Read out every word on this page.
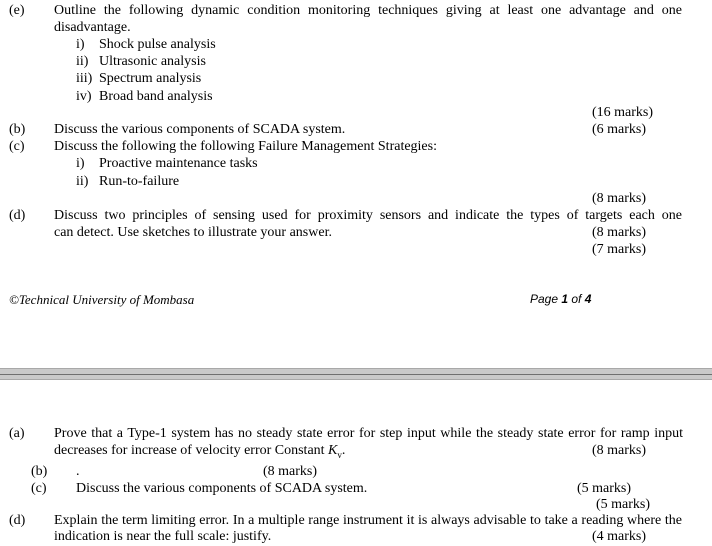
(e) Outline the following dynamic condition monitoring techniques giving at least one advantage and one
disadvantage.
i) Shock pulse analysis
ii) Ultrasonic analysis
iii) Spectrum analysis
iv) Broad band analysis
(16 marks)
(b) Discuss the various components of SCADA system.	(6 marks)
(c) Discuss the following the following Failure Management Strategies:
i) Proactive maintenance tasks
ii) Run-to-failure
(8 marks)
(d) Discuss two principles of sensing used for proximity sensors and indicate the types of targets each one
can detect. Use sketches to illustrate your answer.	(8 marks)
(7 marks)
©Technical University of Mombasa	Page 1 of 4
(a) Prove that a Type-1 system has no steady state error for step input while the steady state error for ramp input
decreases for increase of velocity error Constant $K_v$.	(8 marks)
(b) .	(8 marks)
(c) Discuss the various components of SCADA system.	(5 marks)
(5 marks)
(d) Explain the term limiting error. In a multiple range instrument it is always advisable to take a reading where the
indication is near the full scale: justify.	(4 marks)
